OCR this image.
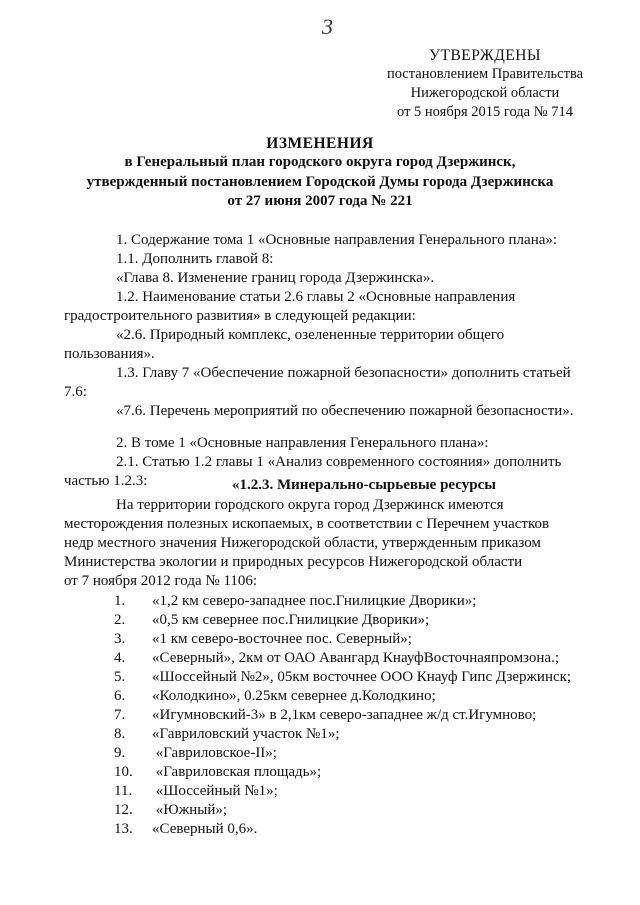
3
УТВЕРЖДЕНЫ
постановлением Правительства
Нижегородской области
от 5 ноября 2015 года № 714
ИЗМЕНЕНИЯ
в Генеральный план городского округа город Дзержинск,
утвержденный постановлением Городской Думы города Дзержинска
от 27 июня 2007 года № 221
1. Содержание тома 1 «Основные направления Генерального плана»:
1.1. Дополнить главой 8:
«Глава 8. Изменение границ города Дзержинска».
1.2. Наименование статьи 2.6 главы 2 «Основные направления
градостроительного развития» в следующей редакции:
«2.6. Природный комплекс, озелененные территории общего
пользования».
1.3. Главу 7 «Обеспечение пожарной безопасности» дополнить статьей
7.6:
«7.6. Перечень мероприятий по обеспечению пожарной безопасности».
2. В томе 1 «Основные направления Генерального плана»:
2.1. Статью 1.2 главы 1 «Анализ современного состояния» дополнить
частью 1.2.3:	«1.2.3. Минерально-сырьевые ресурсы
На территории городского округа город Дзержинск имеются
месторождения полезных ископаемых, в соответствии с Перечнем участков
недр местного значения Нижегородской области, утвержденным приказом
Министерства экологии и природных ресурсов Нижегородской области
от 7 ноября 2012 года № 1106:
1. «1,2 км северо-западнее пос.Гнилицкие Дворики»;
2. «0,5 км севернее пос.Гнилицкие Дворики»;
3. «1 км северо-восточнее пос. Северный»;
4. «Северный», 2км от ОАО Авангард КнауфВосточнаяпромзона.;
5. «Шоссейный №2», 05км восточнее ООО Кнауф Гипс Дзержинск;
6. «Колодкино», 0.25км севернее д.Колодкино;
7. «Игумновский-3» в 2,1км северо-западнее ж/д ст.Игумново;
8. «Гавриловский участок №1»;
9. «Гавриловское-II»;
10. «Гавриловская площадь»;
11. «Шоссейный №1»;
12. «Южный»;
13. «Северный 0,6».
